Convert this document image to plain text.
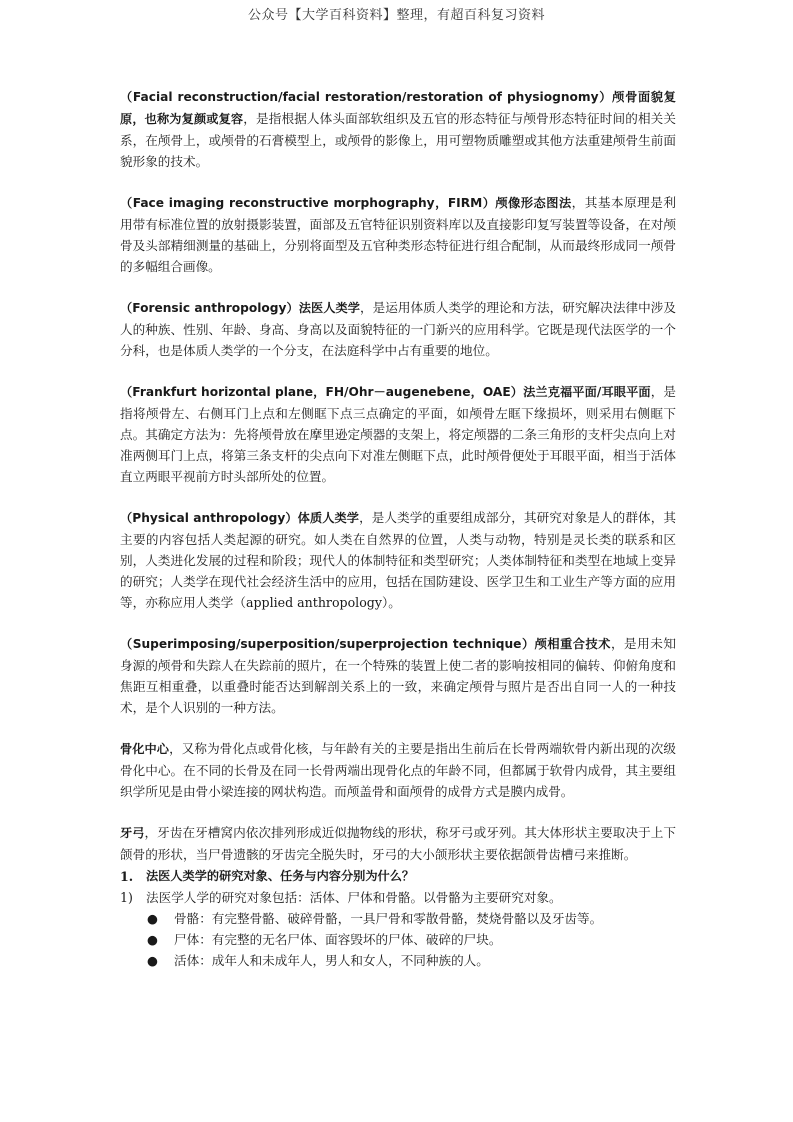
公众号【大学百科资料】整理，有超百科复习资料

（Facial reconstruction/facial restoration/restoration of physiognomy）颅骨面貌复原，也称为复颜或复容，是指根据人体头面部软组织及五官的形态特征与颅骨形态特征时间的相关关系，在颅骨上，或颅骨的石膏模型上，或颅骨的影像上，用可塑物质雕塑或其他方法重建颅骨生前面貌形象的技术。

（Face imaging reconstructive morphography，FIRM）颅像形态图法，其基本原理是利用带有标准位置的放射摄影装置，面部及五官特征识别资料库以及直接影印复写装置等设备，在对颅骨及头部精细测量的基础上，分别将面型及五官种类形态特征进行组合配制，从而最终形成同一颅骨的多幅组合画像。

（Forensic anthropology）法医人类学，是运用体质人类学的理论和方法，研究解决法律中涉及人的种族、性别、年龄、身高、身高以及面貌特征的一门新兴的应用科学。它既是现代法医学的一个分科，也是体质人类学的一个分支，在法庭科学中占有重要的地位。

（Frankfurt horizontal plane，FH/Ohr－augenebene，OAE）法兰克福平面/耳眼平面，是指将颅骨左、右侧耳门上点和左侧眶下点三点确定的平面，如颅骨左眶下缘损坏，则采用右侧眶下点。其确定方法为：先将颅骨放在摩里逊定颅器的支架上，将定颅器的二条三角形的支杆尖点向上对准两侧耳门上点，将第三条支杆的尖点向下对准左侧眶下点，此时颅骨便处于耳眼平面，相当于活体直立两眼平视前方时头部所处的位置。

（Physical anthropology）体质人类学，是人类学的重要组成部分，其研究对象是人的群体，其主要的内容包括人类起源的研究。如人类在自然界的位置，人类与动物，特别是灵长类的联系和区别，人类进化发展的过程和阶段；现代人的体制特征和类型研究；人类体制特征和类型在地域上变异的研究；人类学在现代社会经济生活中的应用，包括在国防建设、医学卫生和工业生产等方面的应用等，亦称应用人类学（applied anthropology）。

（Superimposing/superposition/superprojection technique）颅相重合技术，是用未知身源的颅骨和失踪人在失踪前的照片，在一个特殊的装置上使二者的影响按相同的偏转、仰俯角度和焦距互相重叠，以重叠时能否达到解剖关系上的一致，来确定颅骨与照片是否出自同一人的一种技术，是个人识别的一种方法。

骨化中心，又称为骨化点或骨化核，与年龄有关的主要是指出生前后在长骨两端软骨内新出现的次级骨化中心。在不同的长骨及在同一长骨两端出现骨化点的年龄不同，但都属于软骨内成骨，其主要组织学所见是由骨小梁连接的网状构造。而颅盖骨和面颅骨的成骨方式是膜内成骨。

牙弓，牙齿在牙槽窝内依次排列形成近似抛物线的形状，称牙弓或牙列。其大体形状主要取决于上下颌骨的形状，当尸骨遗骸的牙齿完全脱失时，牙弓的大小颌形状主要依据颌骨齿槽弓来推断。

1.	法医人类学的研究对象、任务与内容分别为什么？
1)	法医学人学的研究对象包括：活体、尸体和骨骼。以骨骼为主要研究对象。
●	骨骼：有完整骨骼、破碎骨骼，一具尸骨和零散骨骼，焚烧骨骼以及牙齿等。
●	尸体：有完整的无名尸体、面容毁坏的尸体、破碎的尸块。
●	活体：成年人和未成年人，男人和女人，不同种族的人。
